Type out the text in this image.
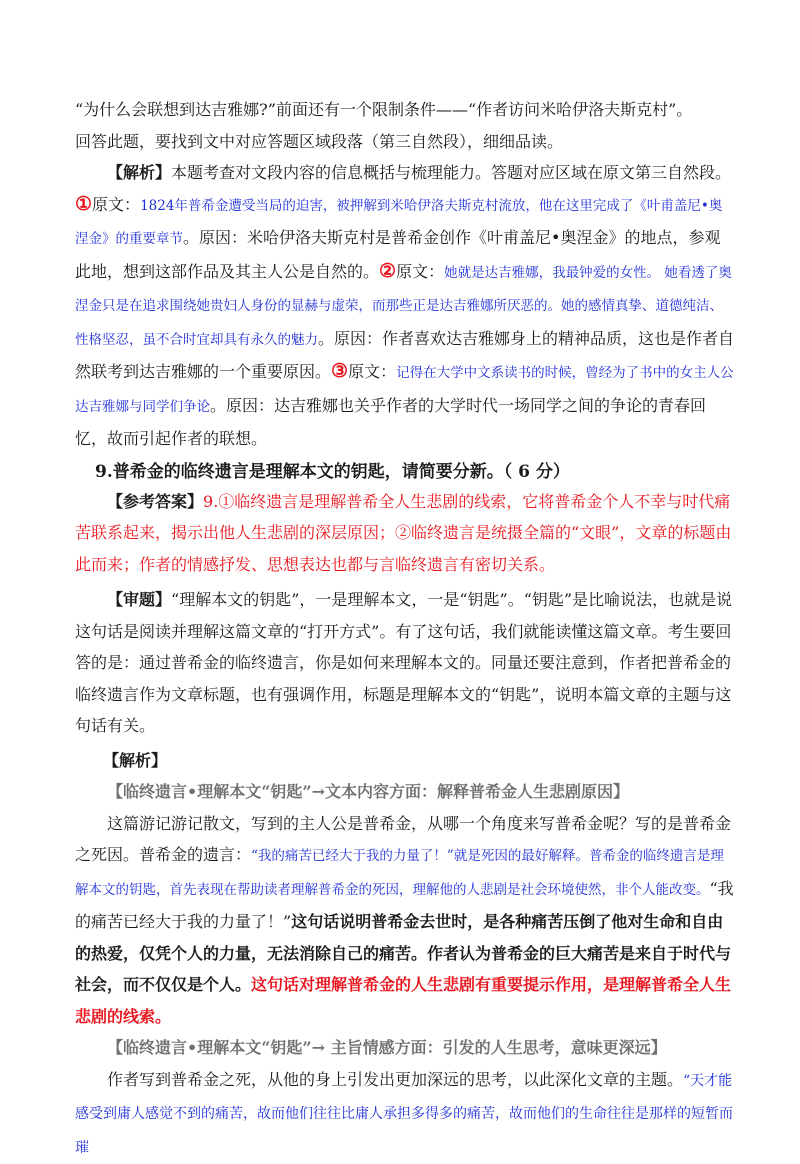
“为什么会联想到达吉雅娜?”前面还有一个限制条件——“作者访问米哈伊洛夫斯克村”。
回答此题，要找到文中对应答题区域段落（第三自然段），细细品读。

【解析】本题考查对文段内容的信息概括与梳理能力。答题对应区域在原文第三自然段。

①原文：1824年普希金遭受当局的迫害，被押解到米哈伊洛夫斯克村流放，他在这里完成了《叶甫盖尼•奥涅金》的重要章节。原因：米哈伊洛夫斯克村是普希金创作《叶甫盖尼•奥涅金》的地点，参观此地，想到这部作品及其主人公是自然的。②原文：她就是达吉雅娜，我最钟爱的女性。 她看透了奥涅金只是在追求围绕她贵妇人身份的显赫与虚荣，而那些正是达吉雅娜所厌恶的。她的感情真挚、道德纯洁、性格坚忍，虽不合时宜却具有永久的魅力。原因：作者喜欢达吉雅娜身上的精神品质，这也是作者自然联考到达吉雅娜的一个重要原因。③原文：记得在大学中文系读书的时候，曾经为了书中的女主人公达吉雅娜与同学们争论。原因：达吉雅娜也关乎作者的大学时代一场同学之间的争论的青春回忆，故而引起作者的联想。

9.普希金的临终遗言是理解本文的钥匙，请简要分新。（ 6 分）

【参考答案】9.①临终遗言是理解普希全人生悲剧的线索，它将普希金个人不幸与时代痛苦联系起来，揭示出他人生悲剧的深层原因；②临终遗言是统摄全篇的“文眼”，文章的标题由此而来；作者的情感抒发、思想表达也都与言临终遗言有密切关系。

【审题】“理解本文的钥匙”，一是理解本文，一是“钥匙”。“钥匙”是比喻说法，也就是说这句话是阅读并理解这篇文章的“打开方式”。有了这句话，我们就能读懂这篇文章。考生要回答的是：通过普希金的临终遗言，你是如何来理解本文的。同量还要注意到，作者把普希金的临终遗言作为文章标题，也有强调作用，标题是理解本文的“钥匙”，说明本篇文章的主题与这句话有关。

【解析】

【临终遗言•理解本文“钥匙”→文本内容方面：解释普希金人生悲剧原因】

这篇游记游记散文，写到的主人公是普希金，从哪一个角度来写普希金呢？写的是普希金之死因。普希金的遗言：“我的痛苦已经大于我的力量了！”就是死因的最好解释。普希金的临终遗言是理解本文的钥匙，首先表现在帮助读者理解普希金的死因，理解他的人悲剧是社会环境使然，非个人能改变。“我的痛苦已经大于我的力量了！”这句话说明普希金去世时，是各种痛苦压倒了他对生命和自由的热爱，仅凭个人的力量，无法消除自己的痛苦。作者认为普希金的巨大痛苦是来自于时代与社会，而不仅仅是个人。这句话对理解普希金的人生悲剧有重要提示作用，是理解普希全人生悲剧的线索。

【临终遗言•理解本文“钥匙”→ 主旨情感方面：引发的人生思考，意味更深远】

作者写到普希金之死，从他的身上引发出更加深远的思考，以此深化文章的主题。“天才能感受到庸人感觉不到的痛苦，故而他们往往比庸人承担多得多的痛苦，故而他们的生命往往是那样的短暂而璀
